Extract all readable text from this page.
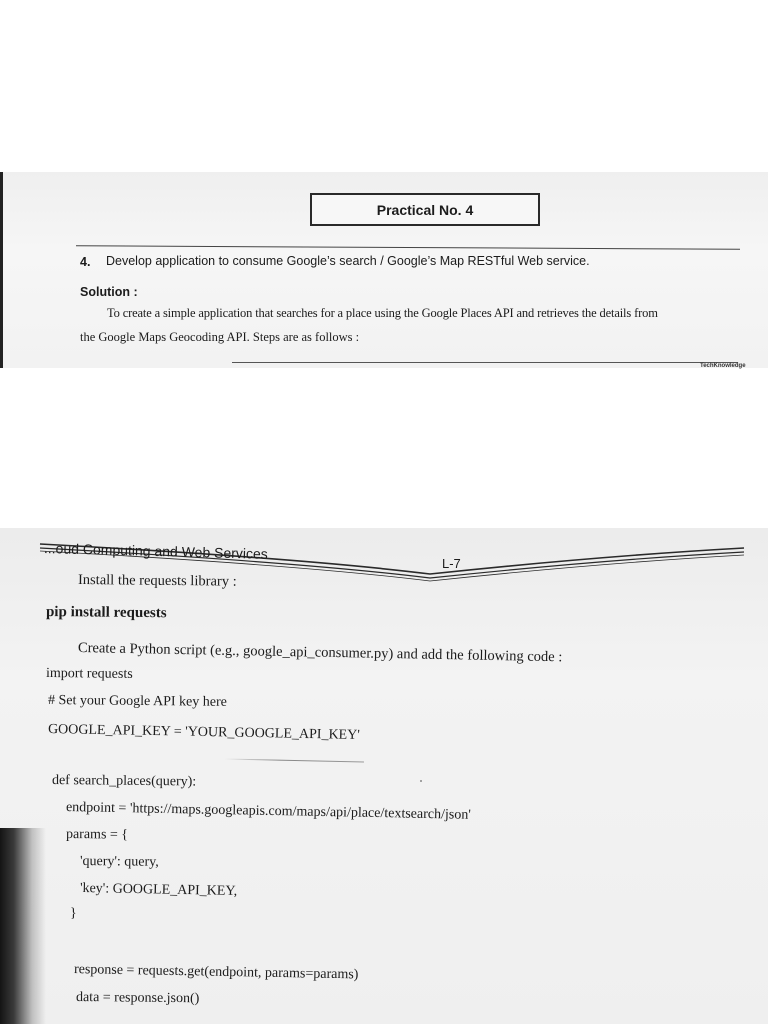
Practical No. 4
4. Develop application to consume Google’s search / Google’s Map RESTful Web service.
Solution :
To create a simple application that searches for a place using the Google Places API and retrieves the details from
the Google Maps Geocoding API. Steps are as follows :
TechKnowledge
...oud Computing and Web Services
L-7
Install the requests library :
pip install requests
Create a Python script (e.g., google_api_consumer.py) and add the following code :
import requests
# Set your Google API key here
GOOGLE_API_KEY = 'YOUR_GOOGLE_API_KEY'
def search_places(query):
endpoint = 'https://maps.googleapis.com/maps/api/place/textsearch/json'
params = {
'query': query,
'key': GOOGLE_API_KEY,
}
response = requests.get(endpoint, params=params)
data = response.json()
